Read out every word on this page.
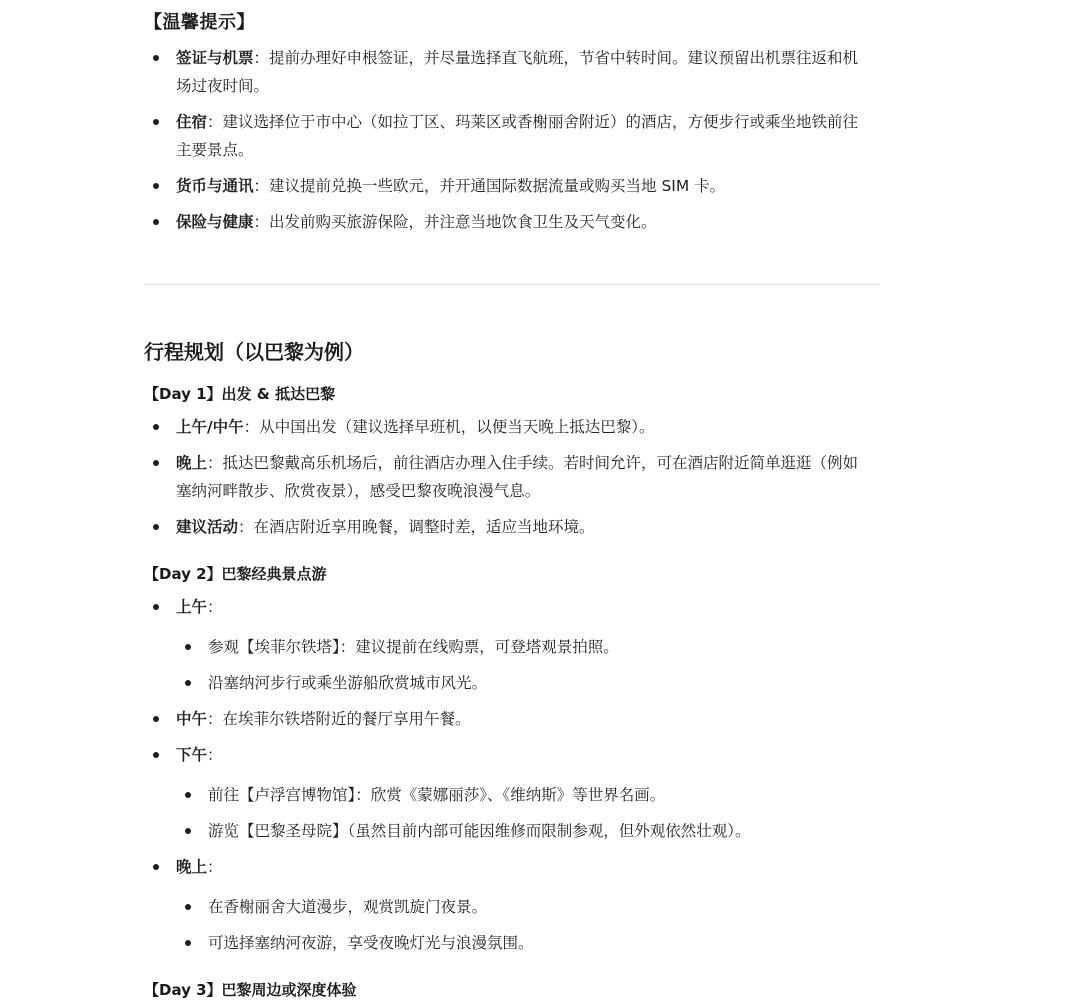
【温馨提示】
签证与机票：提前办理好申根签证，并尽量选择直飞航班，节省中转时间。建议预留出机票往返和机
场过夜时间。
住宿：建议选择位于市中心（如拉丁区、玛莱区或香榭丽舍附近）的酒店，方便步行或乘坐地铁前往
主要景点。
货币与通讯：建议提前兑换一些欧元，并开通国际数据流量或购买当地 SIM 卡。
保险与健康：出发前购买旅游保险，并注意当地饮食卫生及天气变化。
行程规划（以巴黎为例）
【Day 1】出发 & 抵达巴黎
上午/中午：从中国出发（建议选择早班机，以便当天晚上抵达巴黎）。
晚上：抵达巴黎戴高乐机场后，前往酒店办理入住手续。若时间允许，可在酒店附近简单逛逛（例如
塞纳河畔散步、欣赏夜景），感受巴黎夜晚浪漫气息。
建议活动：在酒店附近享用晚餐，调整时差，适应当地环境。
【Day 2】巴黎经典景点游
上午：
参观【埃菲尔铁塔】：建议提前在线购票，可登塔观景拍照。
沿塞纳河步行或乘坐游船欣赏城市风光。
中午：在埃菲尔铁塔附近的餐厅享用午餐。
下午：
前往【卢浮宫博物馆】：欣赏《蒙娜丽莎》、《维纳斯》等世界名画。
游览【巴黎圣母院】（虽然目前内部可能因维修而限制参观，但外观依然壮观）。
晚上：
在香榭丽舍大道漫步，观赏凯旋门夜景。
可选择塞纳河夜游，享受夜晚灯光与浪漫氛围。
【Day 3】巴黎周边或深度体验
